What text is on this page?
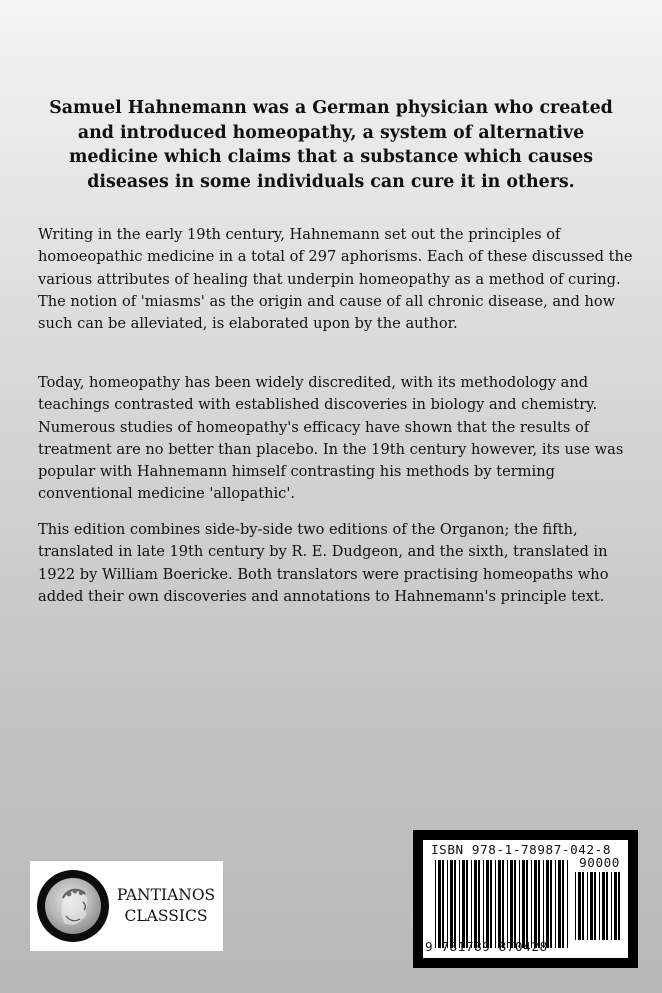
Samuel Hahnemann was a German physician who created and introduced homeopathy, a system of alternative medicine which claims that a substance which causes diseases in some individuals can cure it in others.
Writing in the early 19th century, Hahnemann set out the principles of homoeopathic medicine in a total of 297 aphorisms. Each of these discussed the various attributes of healing that underpin homeopathy as a method of curing. The notion of 'miasms' as the origin and cause of all chronic disease, and how such can be alleviated, is elaborated upon by the author.
Today, homeopathy has been widely discredited, with its methodology and teachings contrasted with established discoveries in biology and chemistry. Numerous studies of homeopathy's efficacy have shown that the results of treatment are no better than placebo. In the 19th century however, its use was popular with Hahnemann himself contrasting his methods by terming conventional medicine 'allopathic'.
This edition combines side-by-side two editions of the Organon; the fifth, translated in late 19th century by R. E. Dudgeon, and the sixth, translated in 1922 by William Boericke. Both translators were practising homeopaths who added their own discoveries and annotations to Hahnemann's principle text.
PANTIANOS
CLASSICS
ISBN 978-1-78987-042-8
90000
9 781789 870428
